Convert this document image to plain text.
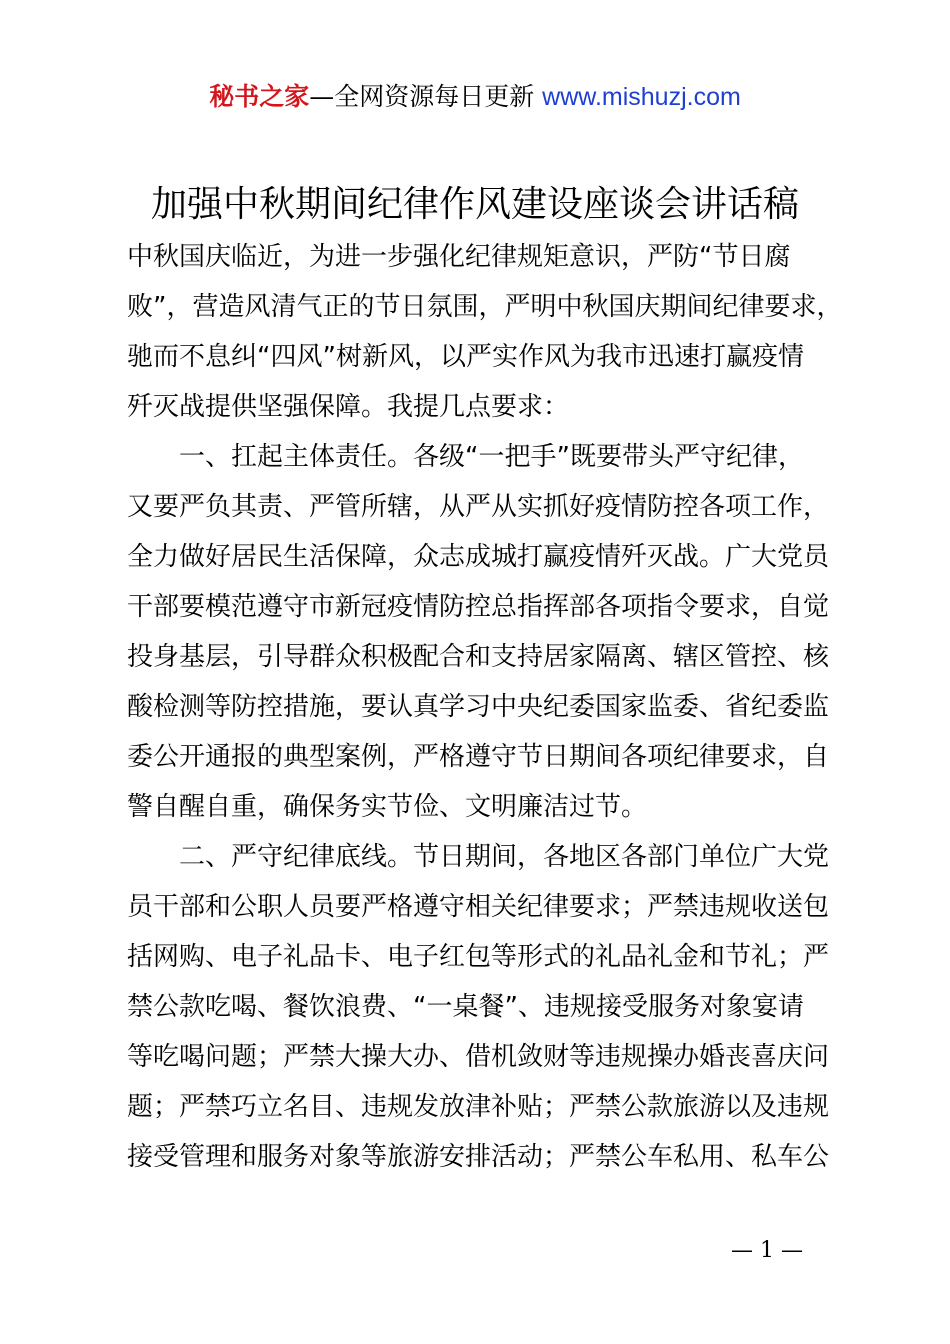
秘书之家—全网资源每日更新 www.mishuzj.com
加强中秋期间纪律作风建设座谈会讲话稿
中秋国庆临近，为进一步强化纪律规矩意识，严防“节日腐
败”，营造风清气正的节日氛围，严明中秋国庆期间纪律要求，
驰而不息纠“四风”树新风，以严实作风为我市迅速打赢疫情
歼灭战提供坚强保障。我提几点要求：
　　一、扛起主体责任。各级“一把手”既要带头严守纪律，
又要严负其责、严管所辖，从严从实抓好疫情防控各项工作，
全力做好居民生活保障，众志成城打赢疫情歼灭战。广大党员
干部要模范遵守市新冠疫情防控总指挥部各项指令要求，自觉
投身基层，引导群众积极配合和支持居家隔离、辖区管控、核
酸检测等防控措施，要认真学习中央纪委国家监委、省纪委监
委公开通报的典型案例，严格遵守节日期间各项纪律要求，自
警自醒自重，确保务实节俭、文明廉洁过节。
　　二、严守纪律底线。节日期间，各地区各部门单位广大党
员干部和公职人员要严格遵守相关纪律要求；严禁违规收送包
括网购、电子礼品卡、电子红包等形式的礼品礼金和节礼；严
禁公款吃喝、餐饮浪费、“一桌餐”、违规接受服务对象宴请
等吃喝问题；严禁大操大办、借机敛财等违规操办婚丧喜庆问
题；严禁巧立名目、违规发放津补贴；严禁公款旅游以及违规
接受管理和服务对象等旅游安排活动；严禁公车私用、私车公
— 1 —
